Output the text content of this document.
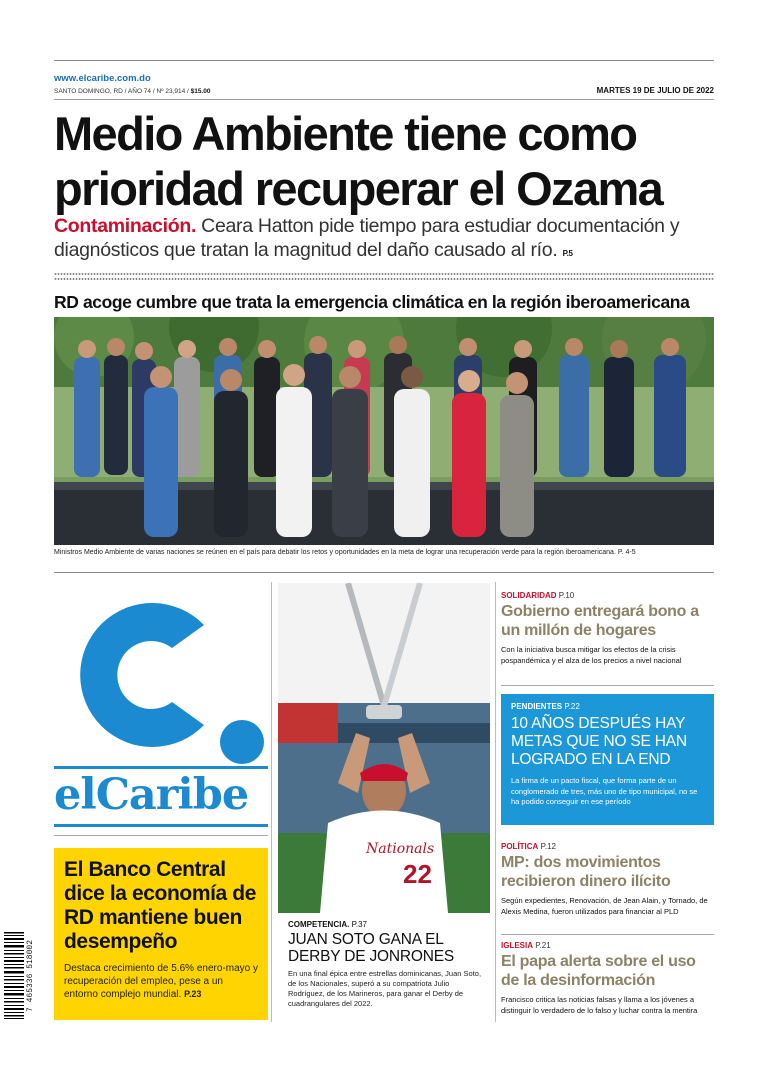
www.elcaribe.com.do
SANTO DOMINGO, RD / AÑO 74 / Nº 23,914 / $15.00	MARTES 19 DE JULIO DE 2022
Medio Ambiente tiene como
prioridad recuperar el Ozama
Contaminación. Ceara Hatton pide tiempo para estudiar documentación y diagnósticos que tratan la magnitud del daño causado al río. P.5
RD acoge cumbre que trata la emergencia climática en la región iberoamericana
Ministros Medio Ambiente de varias naciones se reúnen en el país para debatir los retos y oportunidades en la meta de lograr una recuperación verde para la región iberoamericana. P. 4-5
elCaribe
El Banco Central dice la economía de RD mantiene buen desempeño
Destaca crecimiento de 5.6% enero-mayo y recuperación del empleo, pese a un entorno complejo mundial. P.23
7 465336 518002
Nationals
22
COMPETENCIA. P.37
JUAN SOTO GANA EL DERBY DE JONRONES
En una final épica entre estrellas dominicanas, Juan Soto, de los Nacionales, superó a su compatriota Julio Rodríguez, de los Marineros, para ganar el Derby de cuadrangulares del 2022.
SOLIDARIDAD P.10
Gobierno entregará bono a un millón de hogares
Con la iniciativa busca mitigar los efectos de la crisis pospandémica y el alza de los precios a nivel nacional
PENDIENTES P.22
10 AÑOS DESPUÉS HAY METAS QUE NO SE HAN LOGRADO EN LA END
La firma de un pacto fiscal, que forma parte de un conglomerado de tres, más uno de tipo municipal, no se ha podido conseguir en ese período
POLÍTICA P.12
MP: dos movimientos recibieron dinero ilícito
Según expedientes, Renovación, de Jean Alain, y Tornado, de Alexis Medina, fueron utilizados para financiar al PLD
IGLESIA P.21
El papa alerta sobre el uso de la desinformación
Francisco critica las noticias falsas y llama a los jóvenes a distinguir lo verdadero de lo falso y luchar contra la mentira
